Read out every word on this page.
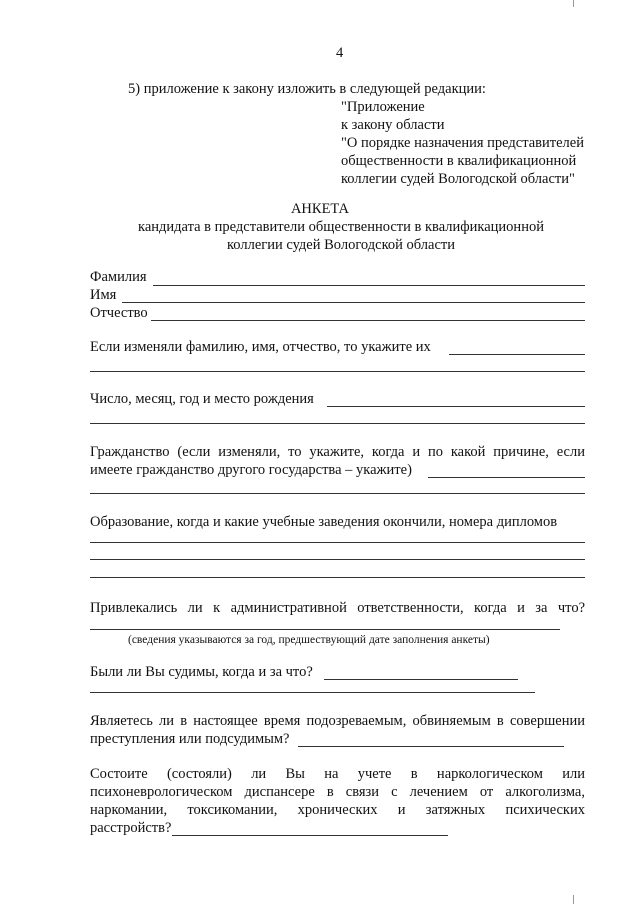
4
5) приложение к закону изложить в следующей редакции:
"Приложение
к закону области
"О порядке назначения представителей
общественности в квалификационной
коллегии судей Вологодской области"
АНКЕТА
кандидата в представители общественности в квалификационной
коллегии судей Вологодской области
Фамилия
Имя
Отчество
Если изменяли фамилию, имя, отчество, то укажите их
Число, месяц, год и место рождения
Гражданство (если изменяли, то укажите, когда и по какой причине, если
имеете гражданство другого государства – укажите)
Образование, когда и какие учебные заведения окончили, номера дипломов
Привлекались ли к административной ответственности, когда и за что?
(сведения указываются за год, предшествующий дате заполнения анкеты)
Были ли Вы судимы, когда и за что?
Являетесь ли в настоящее время подозреваемым, обвиняемым в совершении
преступления или подсудимым?
Состоите (состояли) ли Вы на учете в наркологическом или
психоневрологическом диспансере в связи с лечением от алкоголизма,
наркомании, токсикомании, хронических и затяжных психических
расстройств?
